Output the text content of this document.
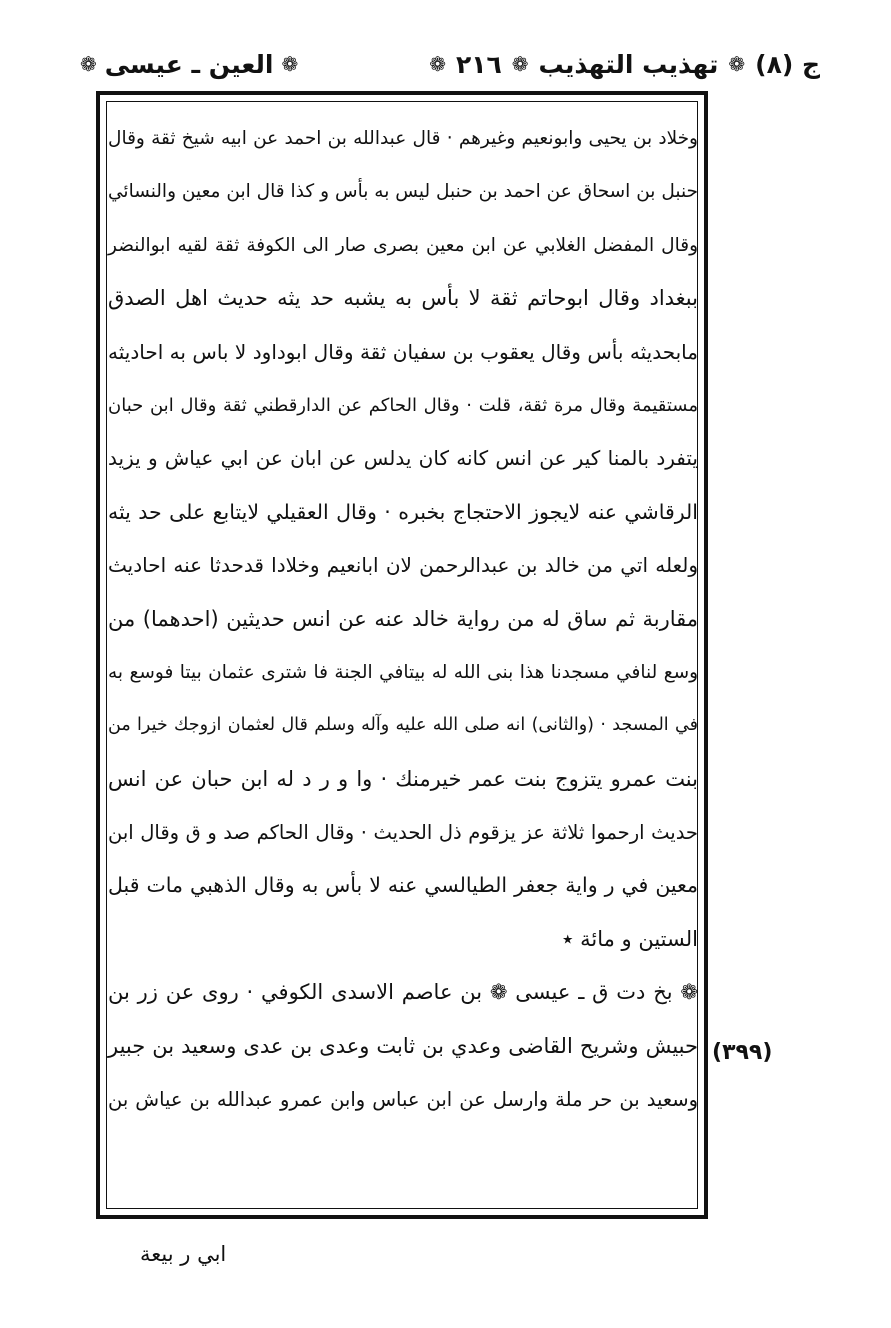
ج (٨)
❁
تهذيب التهذيب
❁
٢١٦
❁
❁
العين ـ عيسى
❁
وخلاد بن يحيى وابونعيم وغيرهم · قال عبدالله بن احمد عن ابيه شيخ ثقة وقال
حنبل بن اسحاق عن احمد بن حنبل ليس به بأس و كذا قال ابن معين والنسائي
وقال المفضل الغلابي عن ابن معين بصرى صار الى الكوفة ثقة لقيه ابوالنضر
ببغداد وقال ابوحاتم ثقة لا بأس به يشبه حد يثه حديث اهل الصدق
مابحديثه بأس وقال يعقوب بن سفيان ثقة وقال ابوداود لا باس به احاديثه
مستقيمة وقال مرة ثقة، قلت · وقال الحاكم عن الدارقطني ثقة وقال ابن حبان
يتفرد بالمنا كير عن انس كانه كان يدلس عن ابان عن ابي عياش و يزيد
الرقاشي عنه لايجوز الاحتجاج بخبره · وقال العقيلي لايتابع على حد يثه
ولعله اتي من خالد بن عبدالرحمن لان ابانعيم وخلادا قدحدثا عنه احاديث
مقاربة ثم ساق له من رواية خالد عنه عن انس حديثين (احدهما) من
وسع لنافي مسجدنا هذا بنى الله له بيتافي الجنة فا شترى عثمان بيتا فوسع به
في المسجد · (والثانى) انه صلى الله عليه وآله وسلم قال لعثمان ازوجك خيرا من
بنت عمرو يتزوج بنت عمر خيرمنك · وا و ر د له ابن حبان عن انس
حديث ارحموا ثلاثة عز يزقوم ذل الحديث · وقال الحاكم صد و ق وقال ابن
معين في ر واية جعفر الطيالسي عنه لا بأس به وقال الذهبي مات قبل
الستين و مائة ٭
❁ بخ دت ق ـ عيسى ❁ بن عاصم الاسدى الكوفي · روى عن زر بن
حبيش وشريح القاضى وعدي بن ثابت وعدى بن عدى وسعيد بن جبير
وسعيد بن حر ملة وارسل عن ابن عباس وابن عمرو عبدالله بن عياش بن
(٣٩٩)
ابي ر بيعة
